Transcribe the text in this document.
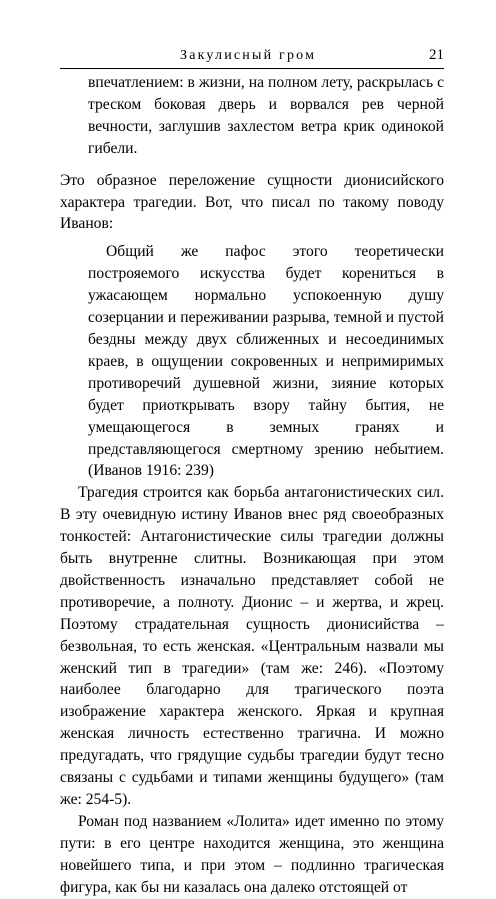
Закулисный гром	21

впечатлением: в жизни, на полном лету, раскрылась с треском боковая дверь и ворвался рев черной вечности, заглушив захлестом ветра крик одинокой гибели.

Это образное переложение сущности дионисийского характера трагедии. Вот, что писал по такому поводу Иванов:

Общий же пафос этого теоретически построяемого искусства будет корениться в ужасающем нормально успокоенную душу созерцании и переживании разрыва, темной и пустой бездны между двух сближенных и несоединимых краев, в ощущении сокровенных и непримиримых противоречий душевной жизни, зияние которых будет приоткрывать взору тайну бытия, не умещающегося в земных гранях и представляющегося смертному зрению небытием. (Иванов 1916: 239)

Трагедия строится как борьба антагонистических сил. В эту очевидную истину Иванов внес ряд своеобразных тонкостей: Антагонистические силы трагедии должны быть внутренне слитны. Возникающая при этом двойственность изначально представляет собой не противоречие, а полноту. Дионис – и жертва, и жрец. Поэтому страдательная сущность дионисийства – безвольная, то есть женская. «Центральным назвали мы женский тип в трагедии» (там же: 246). «Поэтому наиболее благодарно для трагического поэта изображение характера женского. Яркая и крупная женская личность естественно трагична. И можно предугадать, что грядущие судьбы трагедии будут тесно связаны с судьбами и типами женщины будущего» (там же: 254-5).

Роман под названием «Лолита» идет именно по этому пути: в его центре находится женщина, это женщина новейшего типа, и при этом – подлинно трагическая фигура, как бы ни казалась она далеко отстоящей от
